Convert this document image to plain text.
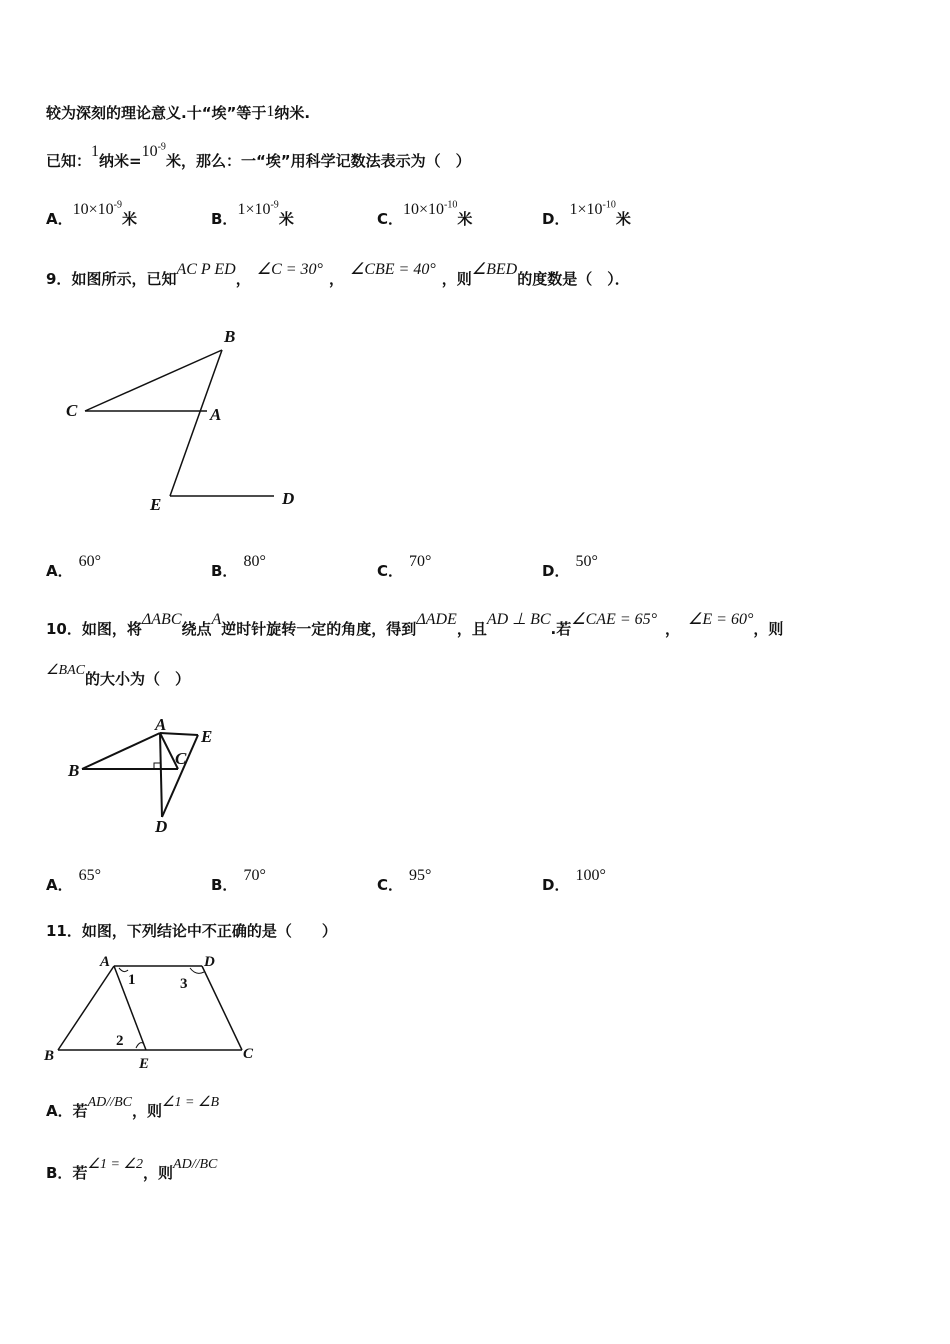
较为深刻的理论意义.十“埃”等于1纳米.
已知：1纳米$=10^{-9}$米，那么：一“埃”用科学记数法表示为（　）
A．$10\times 10^{-9}$米	B．$1\times 10^{-9}$米	C．$10\times 10^{-10}$米	D．$1\times 10^{-10}$米
9．如图所示，已知AC P ED，∠C = 30°，∠CBE = 40°，则∠BED的度数是（　）．
B
C	A
E	D
A．60°
B．80°
C．70°
D．50°
10．如图，将ΔABC绕点A逆时针旋转一定的角度，得到ΔADE，且AD ⊥ BC.若∠CAE = 65°，∠E = 60°，则
∠BAC的大小为（　）
A
E
B
C
D
A．65°
B．70°
C．95°
D．100°
11．如图，下列结论中不正确的是（　　）
A	D
B	E
C
1
2
3
A．若AD//BC，则∠1 = ∠B
B．若∠1 = ∠2，则AD//BC
